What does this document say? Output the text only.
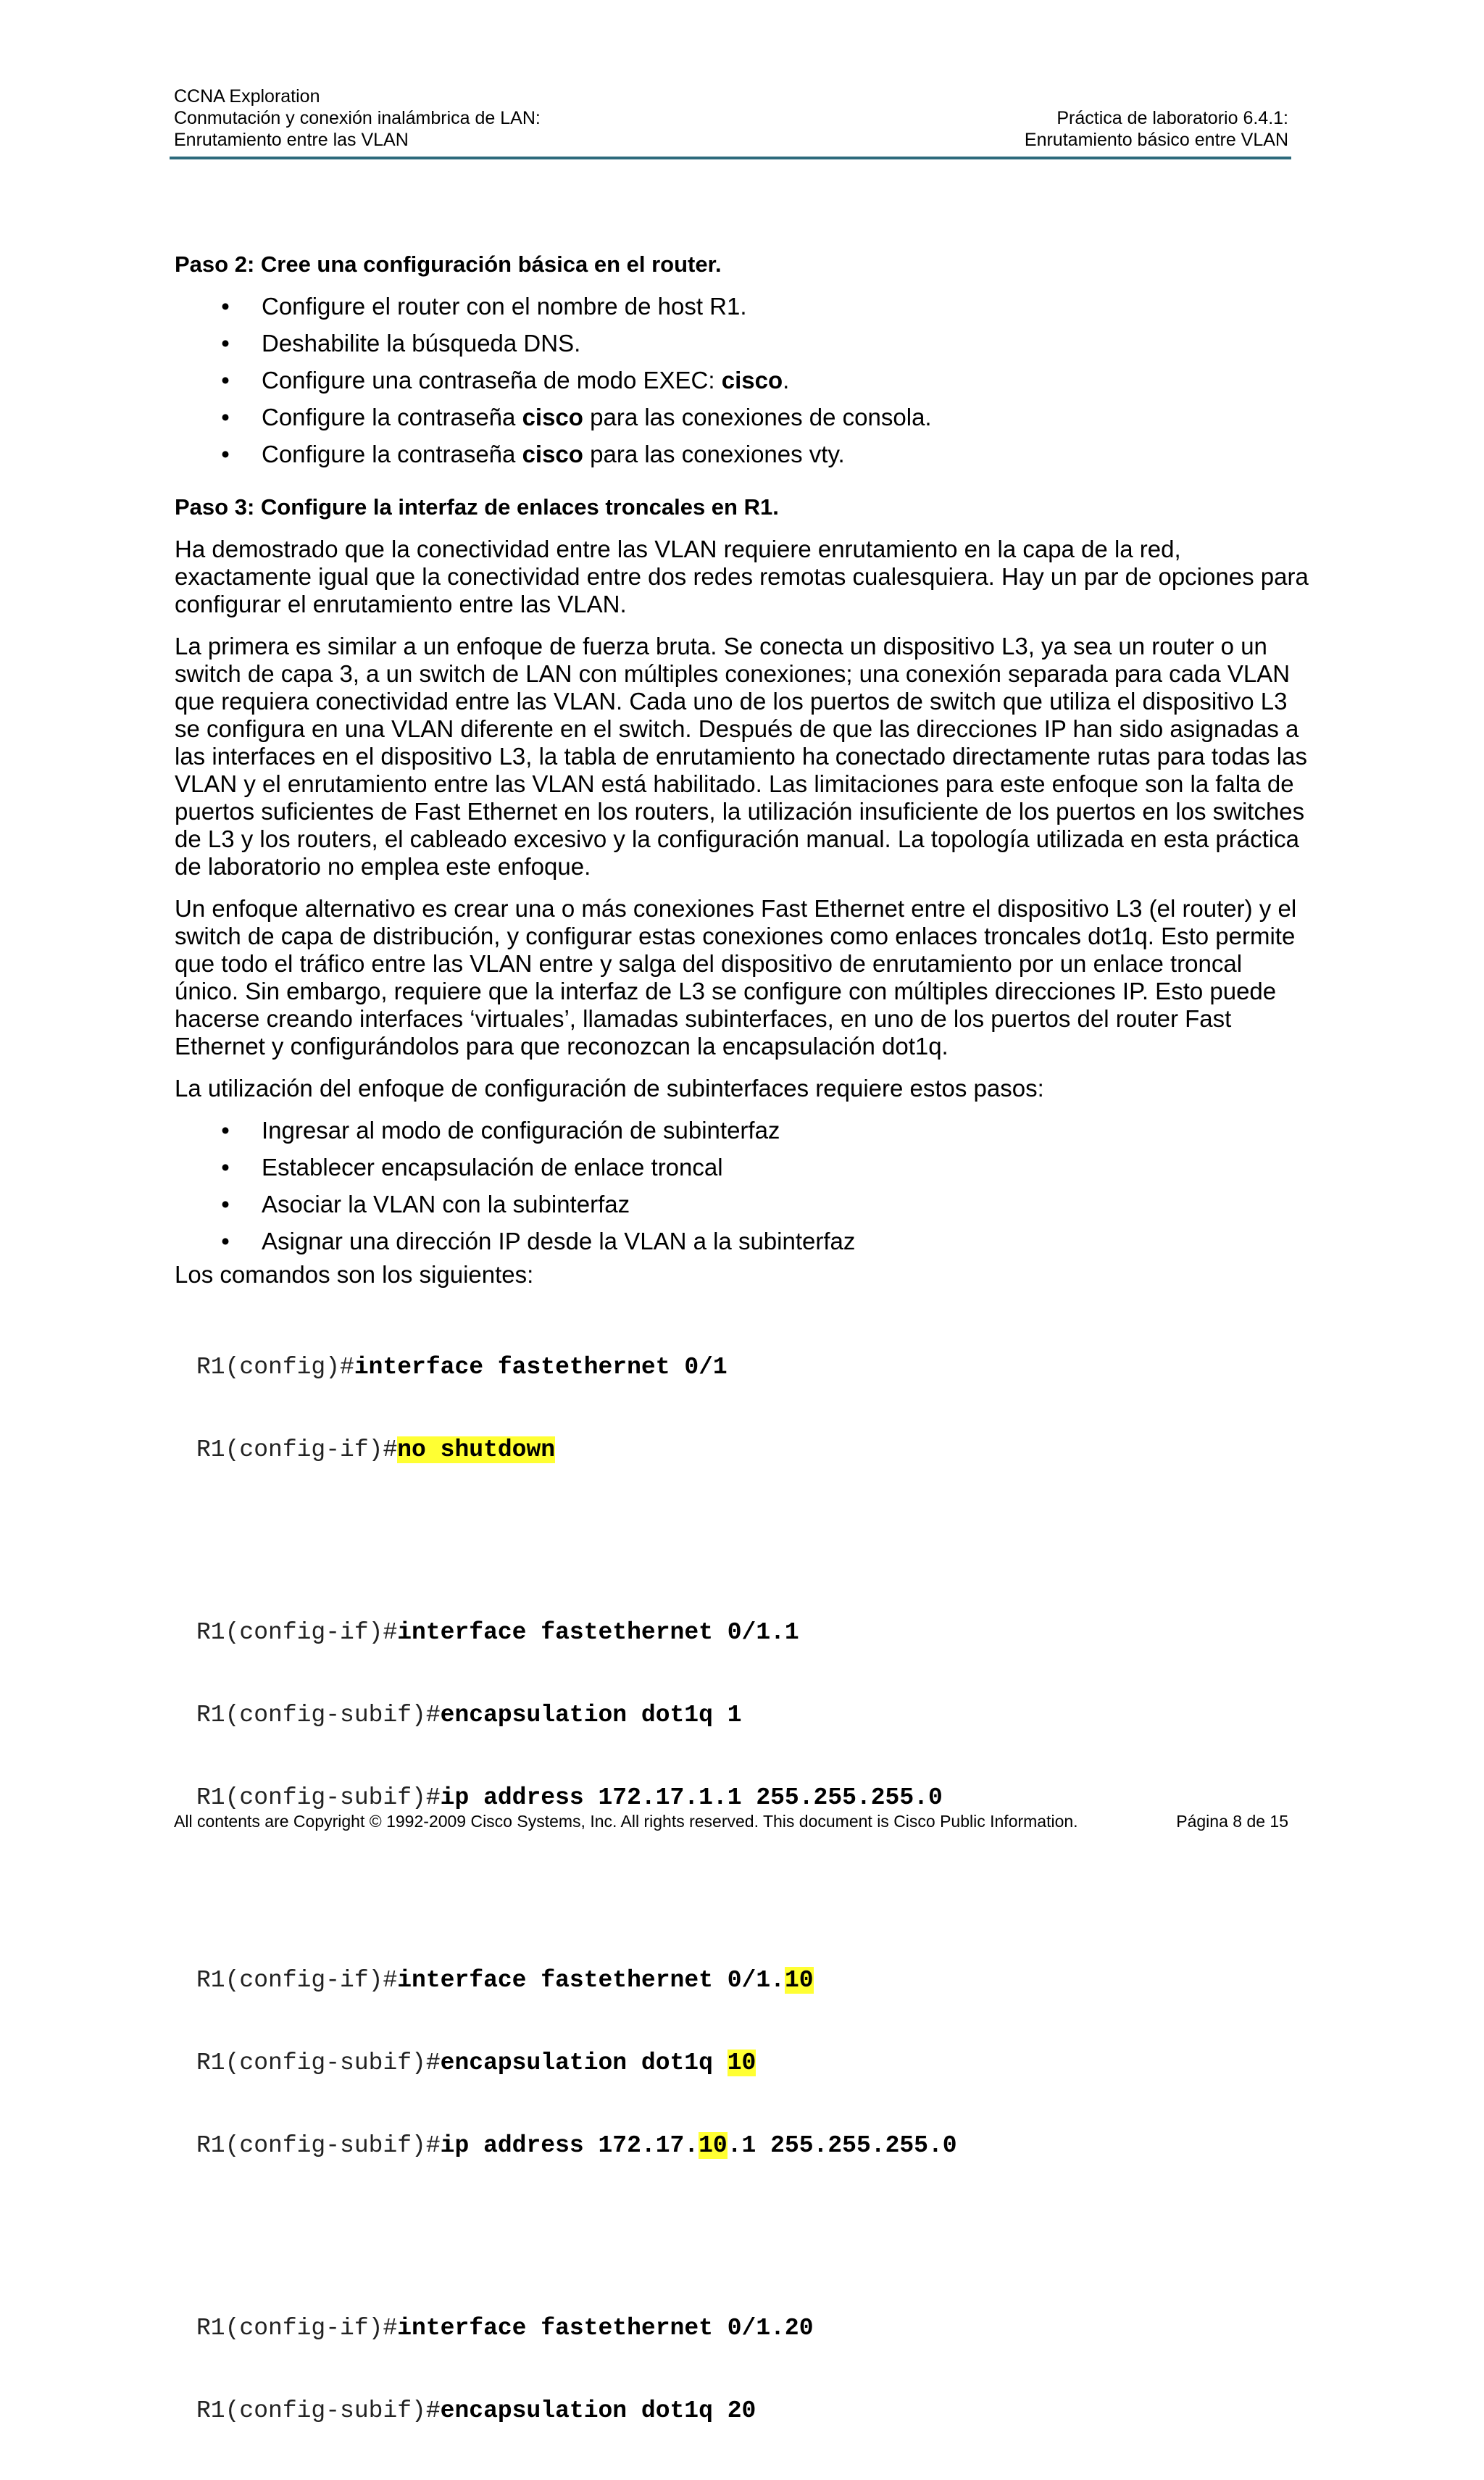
CCNA Exploration
Conmutación y conexión inalámbrica de LAN:	Práctica de laboratorio 6.4.1:
Enrutamiento entre las VLAN	Enrutamiento básico entre VLAN
Paso 2: Cree una configuración básica en el router.
• Configure el router con el nombre de host R1.
• Deshabilite la búsqueda DNS.
• Configure una contraseña de modo EXEC: cisco.
• Configure la contraseña cisco para las conexiones de consola.
• Configure la contraseña cisco para las conexiones vty.
Paso 3: Configure la interfaz de enlaces troncales en R1.

Ha demostrado que la conectividad entre las VLAN requiere enrutamiento en la capa de la red, exactamente igual que la conectividad entre dos redes remotas cualesquiera. Hay un par de opciones para configurar el enrutamiento entre las VLAN.

La primera es similar a un enfoque de fuerza bruta. Se conecta un dispositivo L3, ya sea un router o un switch de capa 3, a un switch de LAN con múltiples conexiones; una conexión separada para cada VLAN que requiera conectividad entre las VLAN. Cada uno de los puertos de switch que utiliza el dispositivo L3 se configura en una VLAN diferente en el switch. Después de que las direcciones IP han sido asignadas a las interfaces en el dispositivo L3, la tabla de enrutamiento ha conectado directamente rutas para todas las VLAN y el enrutamiento entre las VLAN está habilitado. Las limitaciones para este enfoque son la falta de puertos suficientes de Fast Ethernet en los routers, la utilización insuficiente de los puertos en los switches de L3 y los routers, el cableado excesivo y la configuración manual. La topología utilizada en esta práctica de laboratorio no emplea este enfoque.

Un enfoque alternativo es crear una o más conexiones Fast Ethernet entre el dispositivo L3 (el router) y el switch de capa de distribución, y configurar estas conexiones como enlaces troncales dot1q. Esto permite que todo el tráfico entre las VLAN entre y salga del dispositivo de enrutamiento por un enlace troncal único. Sin embargo, requiere que la interfaz de L3 se configure con múltiples direcciones IP. Esto puede hacerse creando interfaces ‘virtuales’, llamadas subinterfaces, en uno de los puertos del router Fast Ethernet y configurándolos para que reconozcan la encapsulación dot1q.

La utilización del enfoque de configuración de subinterfaces requiere estos pasos:

• Ingresar al modo de configuración de subinterfaz
• Establecer encapsulación de enlace troncal
• Asociar la VLAN con la subinterfaz
• Asignar una dirección IP desde la VLAN a la subinterfaz

Los comandos son los siguientes:

R1(config)#interface fastethernet 0/1

R1(config-if)#no shutdown

R1(config-if)#interface fastethernet 0/1.1

R1(config-subif)#encapsulation dot1q 1

R1(config-subif)#ip address 172.17.1.1 255.255.255.0

R1(config-if)#interface fastethernet 0/1.10

R1(config-subif)#encapsulation dot1q 10

R1(config-subif)#ip address 172.17.10.1 255.255.255.0

R1(config-if)#interface fastethernet 0/1.20

R1(config-subif)#encapsulation dot1q 20

All contents are Copyright © 1992-2009 Cisco Systems, Inc. All rights reserved. This document is Cisco Public Information.	Página 8 de 15
